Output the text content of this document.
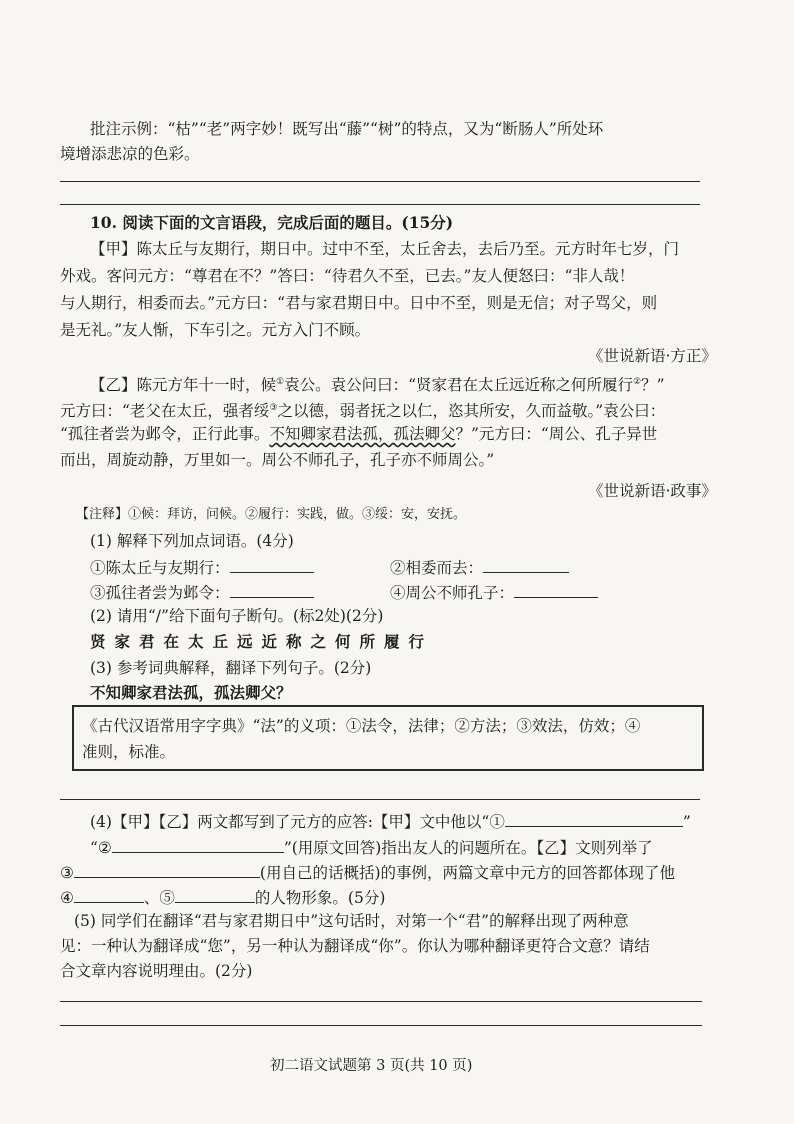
批注示例：“枯”“老”两字妙！既写出“藤”“树”的特点，又为“断肠人”所处环
境增添悲凉的色彩。
10. 阅读下面的文言语段，完成后面的题目。(15分)
【甲】陈太丘与友期行，期日中。过中不至，太丘舍去，去后乃至。元方时年七岁，门
外戏。客问元方：“尊君在不？”答曰：“待君久不至，已去。”友人便怒曰：“非人哉！
与人期行，相委而去。”元方曰：“君与家君期日中。日中不至，则是无信；对子骂父，则
是无礼。”友人惭，下车引之。元方入门不顾。
《世说新语·方正》
【乙】陈元方年十一时，候①袁公。袁公问曰：“贤家君在太丘远近称之何所履行②？”
元方曰：“老父在太丘，强者绥③之以德，弱者抚之以仁，恣其所安，久而益敬。”袁公曰：
“孤往者尝为邺令，正行此事。不知卿家君法孤，孤法卿父？”元方曰：“周公、孔子异世
而出，周旋动静，万里如一。周公不师孔子，孔子亦不师周公。”
《世说新语·政事》
【注释】①候：拜访，问候。②履行：实践，做。③绥：安，安抚。
(1) 解释下列加点词语。(4分)
①陈太丘与友期行：	②相委而去：
③孤往者尝为邺令：	④周公不师孔子：
(2) 请用“/”给下面句子断句。(标2处)(2分)
贤家君在太丘远近称之何所履行
(3) 参考词典解释，翻译下列句子。(2分)
不知卿家君法孤，孤法卿父？
《古代汉语常用字字典》“法”的义项：①法令，法律；②方法；③效法，仿效；④
准则，标准。
(4)【甲】【乙】两文都写到了元方的应答:【甲】文中他以“①	”
“②	”(用原文回答)指出友人的问题所在。【乙】文则列举了
③	(用自己的话概括)的事例，两篇文章中元方的回答都体现了他
④	、⑤	的人物形象。(5分)
(5) 同学们在翻译“君与家君期日中”这句话时，对第一个“君”的解释出现了两种意
见：一种认为翻译成“您”，另一种认为翻译成“你”。你认为哪种翻译更符合文意？请结
合文章内容说明理由。(2分)
初二语文试题第 3 页(共 10 页)
